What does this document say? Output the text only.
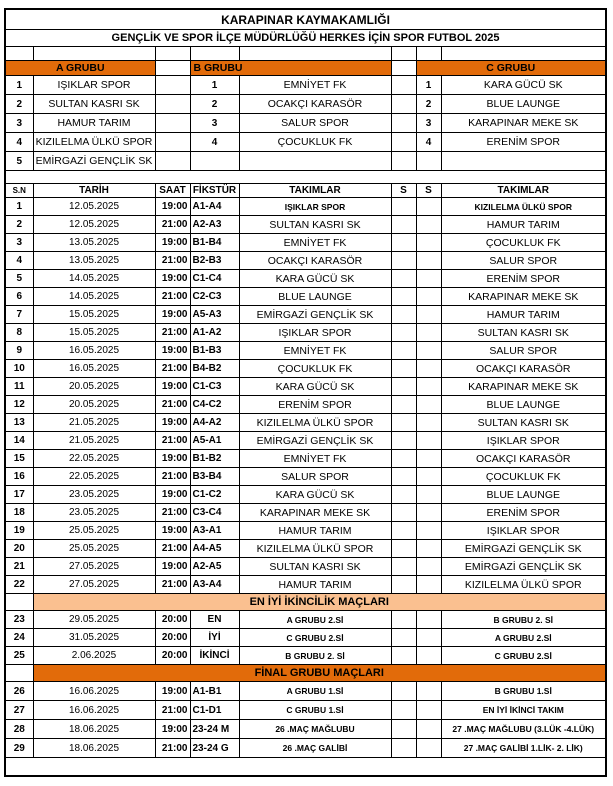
KARAPINAR KAYMAKAMLIĞI							
GENÇLİK VE SPOR İLÇE MÜDÜRLÜĞÜ HERKES İÇİN SPOR FUTBOL 2025							

A GRUBU			B GRUBU			C GRUBU	
1	IŞIKLAR SPOR		1	EMNİYET FK		1	KARA GÜCÜ SK
2	SULTAN KASRI SK		2	OCAKÇI KARASÖR		2	BLUE LAUNGE
3	HAMUR TARIM		3	SALUR SPOR		3	KARAPINAR MEKE SK
4	KIZILELMA ÜLKÜ SPOR		4	ÇOCUKLUK FK		4	ERENİM SPOR
5	EMİRGAZİ GENÇLİK SK						

S.N	TARİH	SAAT	FİKSTÜR	TAKIMLAR	S	S	TAKIMLAR
1	12.05.2025	19:00	A1-A4	IŞIKLAR SPOR			KIZILELMA ÜLKÜ SPOR
2	12.05.2025	21:00	A2-A3	SULTAN KASRI SK			HAMUR TARIM
3	13.05.2025	19:00	B1-B4	EMNİYET FK			ÇOCUKLUK FK
4	13.05.2025	21:00	B2-B3	OCAKÇI KARASÖR			SALUR SPOR
5	14.05.2025	19:00	C1-C4	KARA GÜCÜ SK			ERENİM SPOR
6	14.05.2025	21:00	C2-C3	BLUE LAUNGE			KARAPINAR MEKE SK
7	15.05.2025	19:00	A5-A3	EMİRGAZİ GENÇLİK SK			HAMUR TARIM
8	15.05.2025	21:00	A1-A2	IŞIKLAR SPOR			SULTAN KASRI SK
9	16.05.2025	19:00	B1-B3	EMNİYET FK			SALUR SPOR
10	16.05.2025	21:00	B4-B2	ÇOCUKLUK FK			OCAKÇI KARASÖR
11	20.05.2025	19:00	C1-C3	KARA GÜCÜ SK			KARAPINAR MEKE SK
12	20.05.2025	21:00	C4-C2	ERENİM SPOR			BLUE LAUNGE
13	21.05.2025	19:00	A4-A2	KIZILELMA ÜLKÜ SPOR			SULTAN KASRI SK
14	21.05.2025	21:00	A5-A1	EMİRGAZİ GENÇLİK SK			IŞIKLAR SPOR
15	22.05.2025	19:00	B1-B2	EMNİYET FK			OCAKÇI KARASÖR
16	22.05.2025	21:00	B3-B4	SALUR SPOR			ÇOCUKLUK FK
17	23.05.2025	19:00	C1-C2	KARA GÜCÜ SK			BLUE LAUNGE
18	23.05.2025	21:00	C3-C4	KARAPINAR MEKE SK			ERENİM SPOR
19	25.05.2025	19:00	A3-A1	HAMUR TARIM			IŞIKLAR SPOR
20	25.05.2025	21:00	A4-A5	KIZILELMA ÜLKÜ SPOR			EMİRGAZİ GENÇLİK SK
21	27.05.2025	19:00	A2-A5	SULTAN KASRI SK			EMİRGAZİ GENÇLİK SK
22	27.05.2025	21:00	A3-A4	HAMUR TARIM			KIZILELMA ÜLKÜ SPOR
	EN İYİ İKİNCİLİK MAÇLARI						
23	29.05.2025	20:00	EN	A GRUBU 2.Sİ			B GRUBU 2. Sİ
24	31.05.2025	20:00	İYİ	C GRUBU 2.Sİ			A GRUBU 2.Sİ
25	2.06.2025	20:00	İKİNCİ	B GRUBU 2. Sİ			C GRUBU 2.Sİ
	FİNAL GRUBU MAÇLARI						
26	16.06.2025	19:00	A1-B1	A GRUBU 1.Sİ			B GRUBU 1.Sİ
27	16.06.2025	21:00	C1-D1	C GRUBU 1.Sİ			EN İYİ İKİNCİ TAKIM
28	18.06.2025	19:00	23-24 M	26 .MAÇ MAĞLUBU			27 .MAÇ MAĞLUBU (3.LÜK -4.LÜK)
29	18.06.2025	21:00	23-24 G	26 .MAÇ GALİBİ			27 .MAÇ GALİBİ 1.LİK- 2. LİK)
